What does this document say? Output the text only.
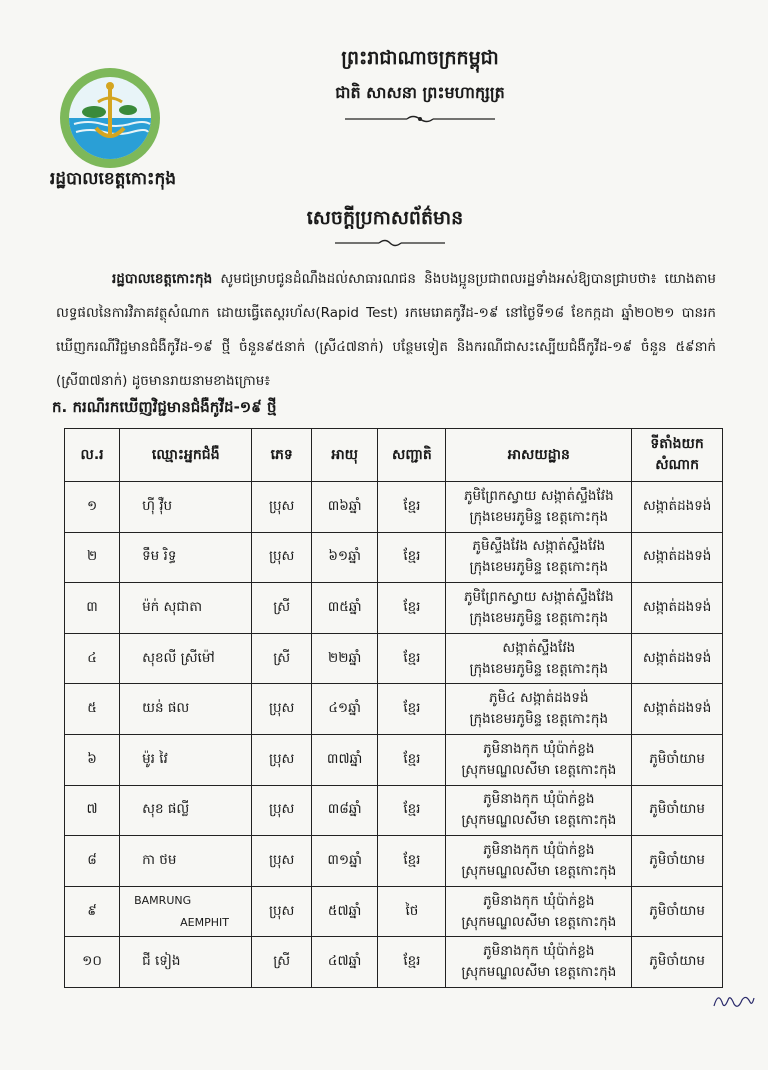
រដ្ឋបាលខេត្តកោះកុង
ព្រះរាជាណាចក្រកម្ពុជា
ជាតិ សាសនា ព្រះមហាក្សត្រ
សេចក្តីប្រកាសព័ត៌មាន
រដ្ឋបាលខេត្តកោះកុង សូមជម្រាបជូនដំណឹងដល់សាធារណជន និងបងប្អូនប្រជាពលរដ្ឋទាំងអស់ឱ្យបានជ្រាបថា៖ យោងតាមលទ្ធផលនៃការវិភាគវត្ថុសំណាក ដោយធ្វើតេស្តរហ័ស(Rapid Test) រកមេរោគកូវីដ-១៩ នៅថ្ងៃទី១៨ ខែកក្កដា ឆ្នាំ២០២១ បានរកឃើញករណីវិជ្ជមានជំងឺកូវីដ-១៩ ថ្មី ចំនួន៩៥នាក់ (ស្រី៤៧នាក់) បន្ថែមទៀត និងករណីជាសះស្បើយជំងឺកូវីដ-១៩ ចំនួន ៥៩នាក់ (ស្រី៣៧នាក់) ដូចមានរាយនាមខាងក្រោម៖
ក. ករណីរកឃើញវិជ្ជមានជំងឺកូវីដ-១៩ ថ្មី
ល.រ	ឈ្មោះអ្នកជំងឺ	ភេទ	អាយុ	សញ្ជាតិ	អាសយដ្ឋាន	ទីតាំងយកសំណាក
១	ហ៊ី វ៉ឺប	ប្រុស	៣៦ឆ្នាំ	ខ្មែរ	ភូមិព្រែកស្វាយ សង្កាត់ស្ទឹងវែង
ក្រុងខេមរភូមិន្ទ ខេត្តកោះកុង	សង្កាត់ដងទង់
២	ទឹម រិទ្ធ	ប្រុស	៦១ឆ្នាំ	ខ្មែរ	ភូមិស្ទឹងវែង សង្កាត់ស្ទឹងវែង
ក្រុងខេមរភូមិន្ទ ខេត្តកោះកុង	សង្កាត់ដងទង់
៣	ម៉ក់ សុជាតា	ស្រី	៣៥ឆ្នាំ	ខ្មែរ	ភូមិព្រែកស្វាយ សង្កាត់ស្ទឹងវែង
ក្រុងខេមរភូមិន្ទ ខេត្តកោះកុង	សង្កាត់ដងទង់
៤	សុខលី ស្រីម៉ៅ	ស្រី	២២ឆ្នាំ	ខ្មែរ	សង្កាត់ស្ទឹងវែង
ក្រុងខេមរភូមិន្ទ ខេត្តកោះកុង	សង្កាត់ដងទង់
៥	យន់ ផល	ប្រុស	៤១ឆ្នាំ	ខ្មែរ	ភូមិ៤ សង្កាត់ដងទង់
ក្រុងខេមរភូមិន្ទ ខេត្តកោះកុង	សង្កាត់ដងទង់
៦	ម៉ូរ វៃ	ប្រុស	៣៧ឆ្នាំ	ខ្មែរ	ភូមិនាងកុក ឃុំប៉ាក់ខ្លង
ស្រុកមណ្ឌលសីមា ខេត្តកោះកុង	ភូមិចាំយាម
៧	សុខ ផល្លី	ប្រុស	៣៨ឆ្នាំ	ខ្មែរ	ភូមិនាងកុក ឃុំប៉ាក់ខ្លង
ស្រុកមណ្ឌលសីមា ខេត្តកោះកុង	ភូមិចាំយាម
៨	កា ថម	ប្រុស	៣១ឆ្នាំ	ខ្មែរ	ភូមិនាងកុក ឃុំប៉ាក់ខ្លង
ស្រុកមណ្ឌលសីមា ខេត្តកោះកុង	ភូមិចាំយាម
៩	BAMRUNG
AEMPHIT	ប្រុស	៥៧ឆ្នាំ	ថៃ	ភូមិនាងកុក ឃុំប៉ាក់ខ្លង
ស្រុកមណ្ឌលសីមា ខេត្តកោះកុង	ភូមិចាំយាម
១០	ជី ទៀង	ស្រី	៤៧ឆ្នាំ	ខ្មែរ	ភូមិនាងកុក ឃុំប៉ាក់ខ្លង
ស្រុកមណ្ឌលសីមា ខេត្តកោះកុង	ភូមិចាំយាម
